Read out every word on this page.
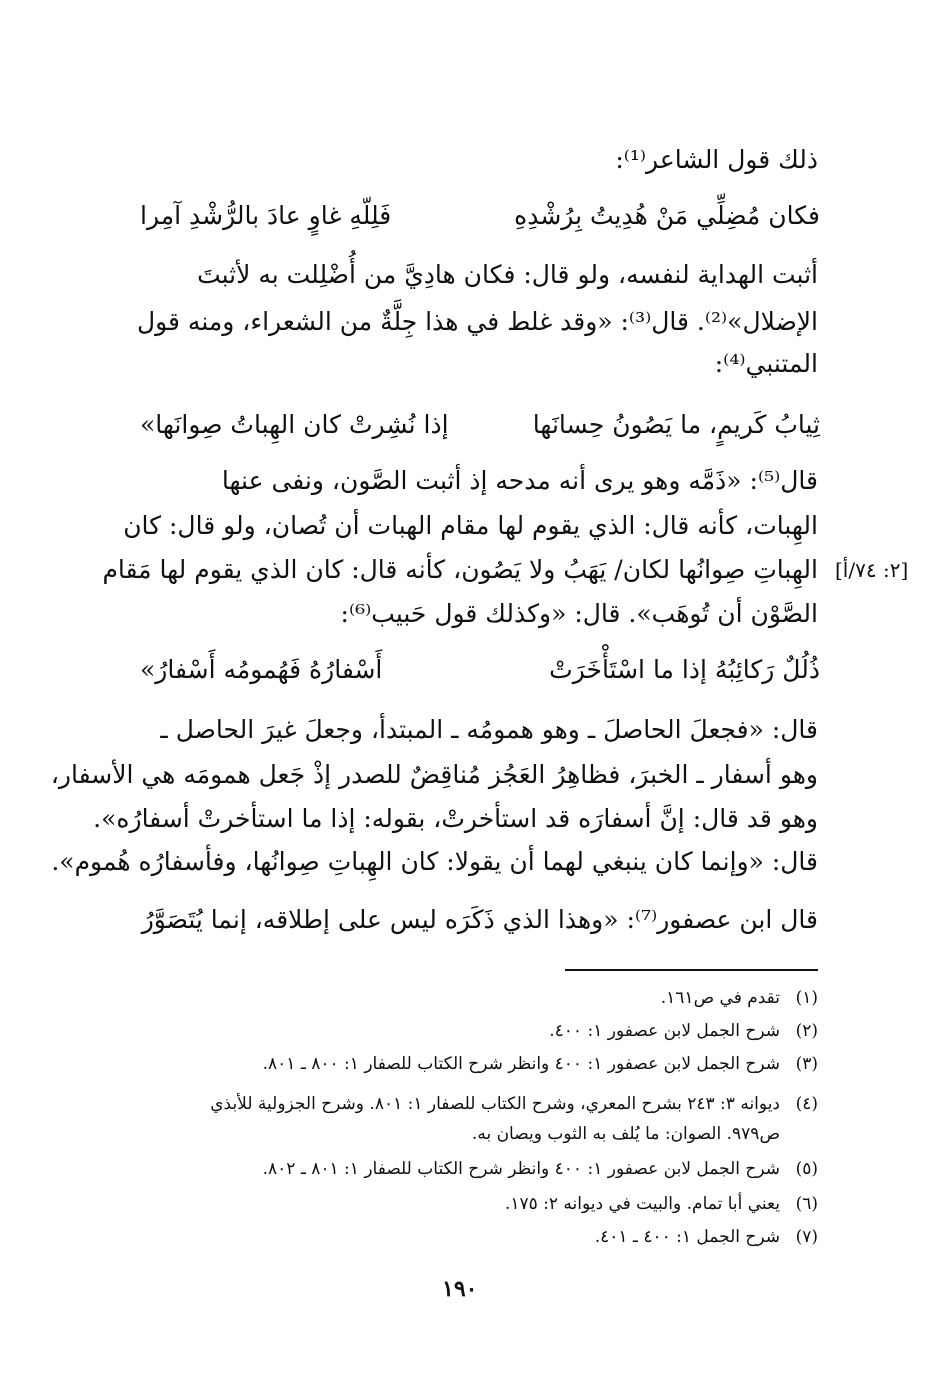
ذلك قول الشاعر⁽¹⁾:
فكان مُضِلِّي مَنْ هُدِيتُ بِرُشْدِهِ
فَلِلّهِ غاوٍ عادَ بالرُّشْدِ آمِرا
أثبت الهداية لنفسه، ولو قال: فكان هادِيَّ من أُضْلِلت به لأثبتَ
الإضلال»⁽²⁾. قال⁽³⁾: «وقد غلط في هذا جِلَّةٌ من الشعراء، ومنه قول
المتنبي⁽⁴⁾:
ثِيابُ كَريمٍ، ما يَصُونُ حِسانَها
إذا نُشِرتْ كان الهِباتُ صِوانَها»
قال⁽⁵⁾: «ذَمَّه وهو يرى أنه مدحه إذ أثبت الصَّون، ونفى عنها
الهِبات، كأنه قال: الذي يقوم لها مقام الهبات أن تُصان، ولو قال: كان
الهِباتِ صِوانُها لكان/ يَهَبُ ولا يَصُون، كأنه قال: كان الذي يقوم لها مَقام
الصَّوْن أن تُوهَب». قال: «وكذلك قول حَبيب⁽⁶⁾:
[٢: ٧٤/أ]
ذُلُلٌ رَكائِبُهُ إذا ما اسْتَأْخَرَتْ
أَسْفارُهُ فَهُمومُه أَسْفارُ»
قال: «فجعلَ الحاصلَ ـ وهو همومُه ـ المبتدأ، وجعلَ غيرَ الحاصل ـ
وهو أسفار ـ الخبرَ، فظاهِرُ العَجُز مُناقِضٌ للصدر إذْ جَعل همومَه هي الأسفار،
وهو قد قال: إنَّ أسفارَه قد استأخرتْ، بقوله: إذا ما استأخرتْ أسفارُه».
قال: «وإنما كان ينبغي لهما أن يقولا: كان الهِباتِ صِوانُها، وفأسفارُه هُموم».
قال ابن عصفور⁽⁷⁾: «وهذا الذي ذَكَرَه ليس على إطلاقه، إنما يُتَصَوَّرُ
(١)تقدم في ص١٦١.
(٢)شرح الجمل لابن عصفور ١: ٤٠٠.
(٣)شرح الجمل لابن عصفور ١: ٤٠٠ وانظر شرح الكتاب للصفار ١: ٨٠٠ ـ ٨٠١.
(٤)ديوانه ٣: ٢٤٣ بشرح المعري، وشرح الكتاب للصفار ١: ٨٠١. وشرح الجزولية للأبذي
ص٩٧٩. الصوان: ما يُلف به الثوب ويصان به.
(٥)شرح الجمل لابن عصفور ١: ٤٠٠ وانظر شرح الكتاب للصفار ١: ٨٠١ ـ ٨٠٢.
(٦)يعني أبا تمام. والبيت في ديوانه ٢: ١٧٥.
(٧)شرح الجمل ١: ٤٠٠ ـ ٤٠١.
١٩٠
